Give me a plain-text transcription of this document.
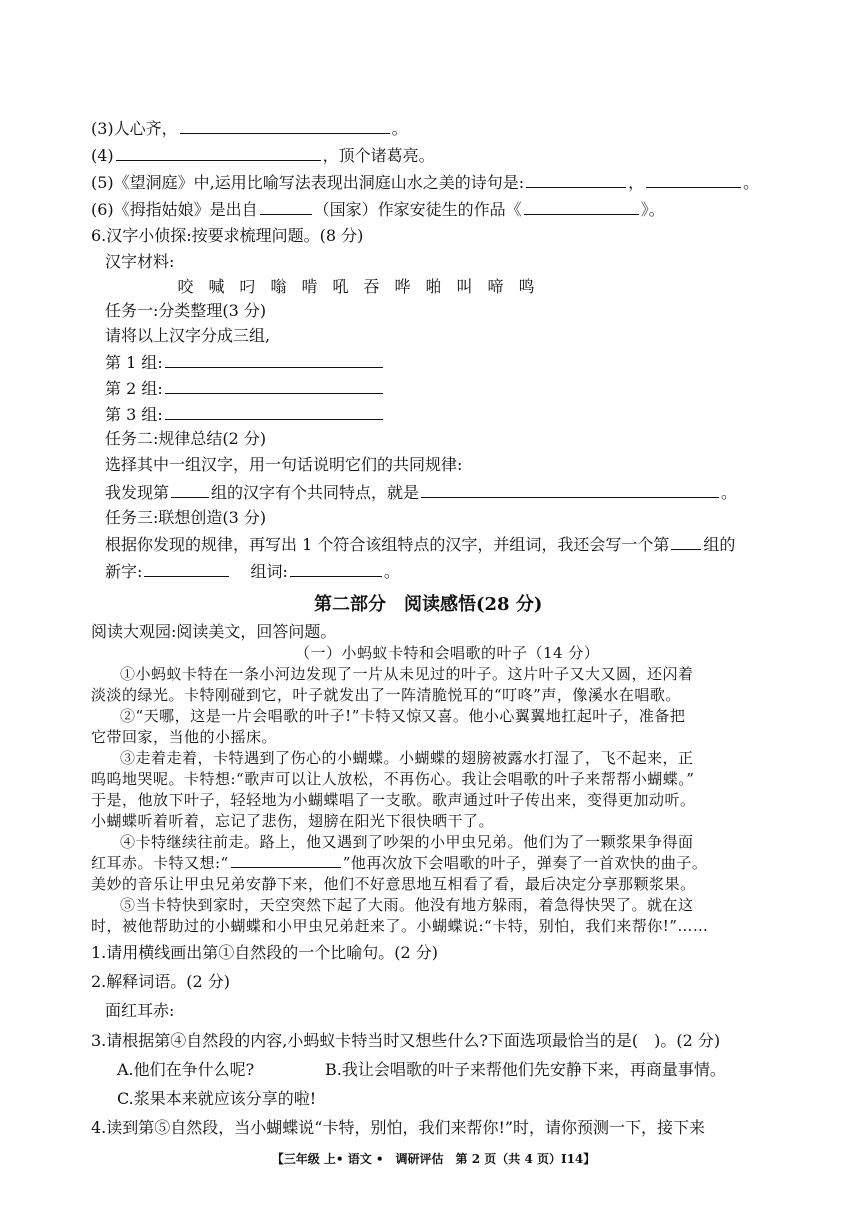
(3)人心齐，	。
(4)	，顶个诸葛亮。
(5)《望洞庭》中,运用比喻写法表现出洞庭山水之美的诗句是:	，	。
(6)《拇指姑娘》是出自	（国家）作家安徒生的作品《	》。
6.汉字小侦探:按要求梳理问题。(8 分)
汉字材料:
咬 喊 叼 嗡 啃 吼 吞 哗 啪 叫 啼 鸣
任务一:分类整理(3 分)
请将以上汉字分成三组,
第 1 组:
第 2 组:
第 3 组:
任务二:规律总结(2 分)
选择其中一组汉字，用一句话说明它们的共同规律:
我发现第	组的汉字有个共同特点，就是	。
任务三:联想创造(3 分)
根据你发现的规律，再写出 1 个符合该组特点的汉字，并组词，我还会写一个第 组的
新字:	组词:	。
第二部分　阅读感悟(28 分)
阅读大观园:阅读美文，回答问题。
（一）小蚂蚁卡特和会唱歌的叶子（14 分）
①小蚂蚁卡特在一条小河边发现了一片从未见过的叶子。这片叶子又大又圆，还闪着
淡淡的绿光。卡特刚碰到它，叶子就发出了一阵清脆悦耳的“叮咚”声，像溪水在唱歌。
②“天哪，这是一片会唱歌的叶子!”卡特又惊又喜。他小心翼翼地扛起叶子，准备把
它带回家，当他的小摇床。
③走着走着，卡特遇到了伤心的小蝴蝶。小蝴蝶的翅膀被露水打湿了，飞不起来，正
呜呜地哭呢。卡特想:“歌声可以让人放松，不再伤心。我让会唱歌的叶子来帮帮小蝴蝶。”
于是，他放下叶子，轻轻地为小蝴蝶唱了一支歌。歌声通过叶子传出来，变得更加动听。
小蝴蝶听着听着，忘记了悲伤，翅膀在阳光下很快晒干了。
④卡特继续往前走。路上，他又遇到了吵架的小甲虫兄弟。他们为了一颗浆果争得面
红耳赤。卡特又想:“	”他再次放下会唱歌的叶子，弹奏了一首欢快的曲子。
美妙的音乐让甲虫兄弟安静下来，他们不好意思地互相看了看，最后决定分享那颗浆果。
⑤当卡特快到家时，天空突然下起了大雨。他没有地方躲雨，着急得快哭了。就在这
时，被他帮助过的小蝴蝶和小甲虫兄弟赶来了。小蝴蝶说:“卡特，别怕，我们来帮你!”……
1.请用横线画出第①自然段的一个比喻句。(2 分)
2.解释词语。(2 分)
面红耳赤:
3.请根据第④自然段的内容,小蚂蚁卡特当时又想些什么?下面选项最恰当的是(　)。(2 分)
A.他们在争什么呢?	B.我让会唱歌的叶子来帮他们先安静下来，再商量事情。
C.浆果本来就应该分享的啦!
4.读到第⑤自然段，当小蝴蝶说“卡特，别怕，我们来帮你!”时，请你预测一下，接下来
【三年级 上• 语文 •　调研评估　第 2 页（共 4 页）I14】
